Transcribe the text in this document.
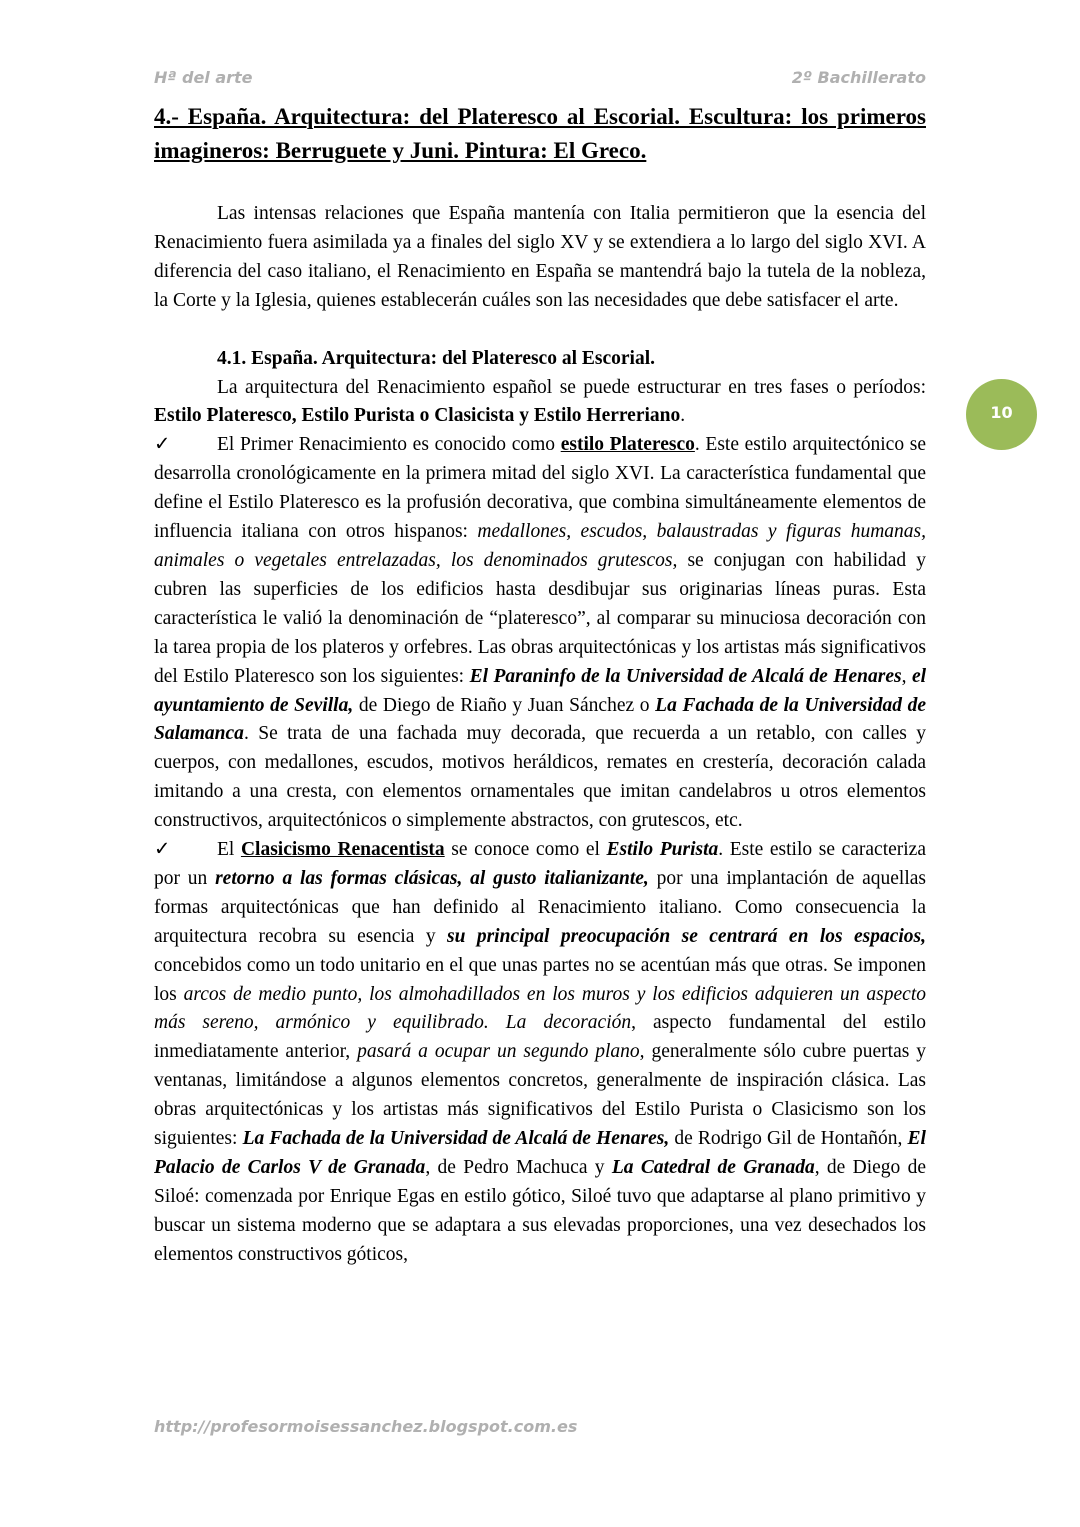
Hª del arte	2º Bachillerato
4.- España. Arquitectura: del Plateresco al Escorial. Escultura: los primeros imagineros: Berruguete y Juni. Pintura: El Greco.

Las intensas relaciones que España mantenía con Italia permitieron que la esencia del Renacimiento fuera asimilada ya a finales del siglo XV y se extendiera a lo largo del siglo XVI. A diferencia del caso italiano, el Renacimiento en España se mantendrá bajo la tutela de la nobleza, la Corte y la Iglesia, quienes establecerán cuáles son las necesidades que debe satisfacer el arte.

4.1. España. Arquitectura: del Plateresco al Escorial.

La arquitectura del Renacimiento español se puede estructurar en tres fases o períodos: Estilo Plateresco, Estilo Purista o Clasicista y Estilo Herreriano.

✓ El Primer Renacimiento es conocido como estilo Plateresco. Este estilo arquitectónico se desarrolla cronológicamente en la primera mitad del siglo XVI. La característica fundamental que define el Estilo Plateresco es la profusión decorativa, que combina simultáneamente elementos de influencia italiana con otros hispanos: medallones, escudos, balaustradas y figuras humanas, animales o vegetales entrelazadas, los denominados grutescos, se conjugan con habilidad y cubren las superficies de los edificios hasta desdibujar sus originarias líneas puras. Esta característica le valió la denominación de “plateresco”, al comparar su minuciosa decoración con la tarea propia de los plateros y orfebres. Las obras arquitectónicas y los artistas más significativos del Estilo Plateresco son los siguientes: El Paraninfo de la Universidad de Alcalá de Henares, el ayuntamiento de Sevilla, de Diego de Riaño y Juan Sánchez o La Fachada de la Universidad de Salamanca. Se trata de una fachada muy decorada, que recuerda a un retablo, con calles y cuerpos, con medallones, escudos, motivos heráldicos, remates en crestería, decoración calada imitando a una cresta, con elementos ornamentales que imitan candelabros u otros elementos constructivos, arquitectónicos o simplemente abstractos, con grutescos, etc.

✓ El Clasicismo Renacentista se conoce como el Estilo Purista. Este estilo se caracteriza por un retorno a las formas clásicas, al gusto italianizante, por una implantación de aquellas formas arquitectónicas que han definido al Renacimiento italiano. Como consecuencia la arquitectura recobra su esencia y su principal preocupación se centrará en los espacios, concebidos como un todo unitario en el que unas partes no se acentúan más que otras. Se imponen los arcos de medio punto, los almohadillados en los muros y los edificios adquieren un aspecto más sereno, armónico y equilibrado. La decoración, aspecto fundamental del estilo inmediatamente anterior, pasará a ocupar un segundo plano, generalmente sólo cubre puertas y ventanas, limitándose a algunos elementos concretos, generalmente de inspiración clásica. Las obras arquitectónicas y los artistas más significativos del Estilo Purista o Clasicismo son los siguientes: La Fachada de la Universidad de Alcalá de Henares, de Rodrigo Gil de Hontañón, El Palacio de Carlos V de Granada, de Pedro Machuca y La Catedral de Granada, de Diego de Siloé: comenzada por Enrique Egas en estilo gótico, Siloé tuvo que adaptarse al plano primitivo y buscar un sistema moderno que se adaptara a sus elevadas proporciones, una vez desechados los elementos constructivos góticos,

10
http://profesormoisessanchez.blogspot.com.es
